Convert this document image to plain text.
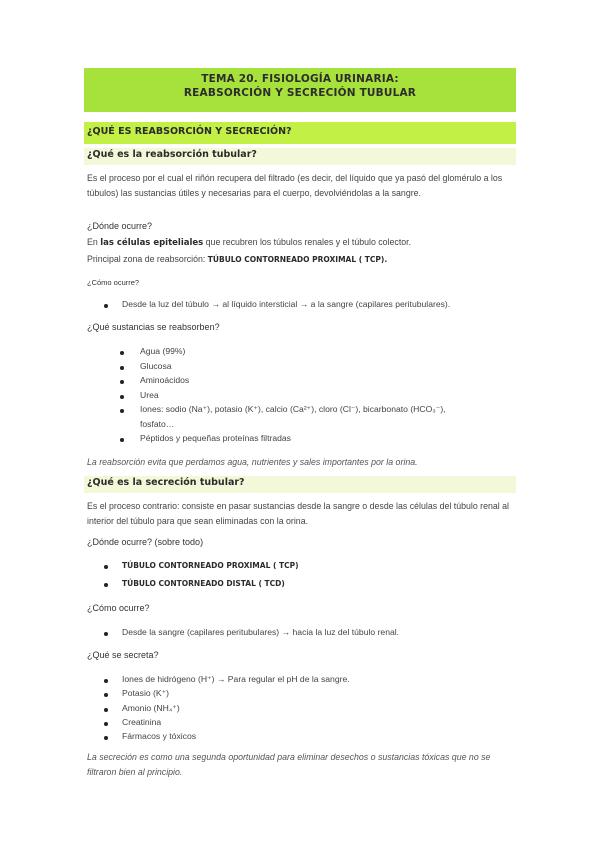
TEMA 20. FISIOLOGÍA URINARIA:
REABSORCIÓN Y SECRECIÓN TUBULAR
¿QUÉ ES REABSORCIÓN Y SECRECIÓN?
¿Qué es la reabsorción tubular?
Es el proceso por el cual el riñón recupera del filtrado (es decir, del líquido que ya pasó del glomérulo a los túbulos) las sustancias útiles y necesarias para el cuerpo, devolviéndolas a la sangre.
¿Dónde ocurre?
En las células epiteliales que recubren los túbulos renales y el túbulo colector.
Principal zona de reabsorción: TÚBULO CONTORNEADO PROXIMAL ( TCP).
¿Cómo ocurre?
Desde la luz del túbulo → al líquido intersticial → a la sangre (capilares peritubulares).
¿Qué sustancias se reabsorben?
Agua (99%)
Glucosa
Aminoácidos
Urea
Iones: sodio (Na⁺), potasio (K⁺), calcio (Ca²⁺), cloro (Cl⁻), bicarbonato (HCO₃⁻),
fosfato…
Péptidos y pequeñas proteínas filtradas
La reabsorción evita que perdamos agua, nutrientes y sales importantes por la orina.
¿Qué es la secreción tubular?
Es el proceso contrario: consiste en pasar sustancias desde la sangre o desde las células del túbulo renal al interior del túbulo para que sean eliminadas con la orina.
¿Dónde ocurre? (sobre todo)
TÚBULO CONTORNEADO PROXIMAL ( TCP)
TÚBULO CONTORNEADO DISTAL ( TCD)
¿Cómo ocurre?
Desde la sangre (capilares peritubulares) → hacia la luz del túbulo renal.
¿Qué se secreta?
Iones de hidrógeno (H⁺) → Para regular el pH de la sangre.
Potasio (K⁺)
Amonio (NH₄⁺)
Creatinina
Fármacos y tóxicos
La secreción es como una segunda oportunidad para eliminar desechos o sustancias tóxicas que no se filtraron bien al principio.
